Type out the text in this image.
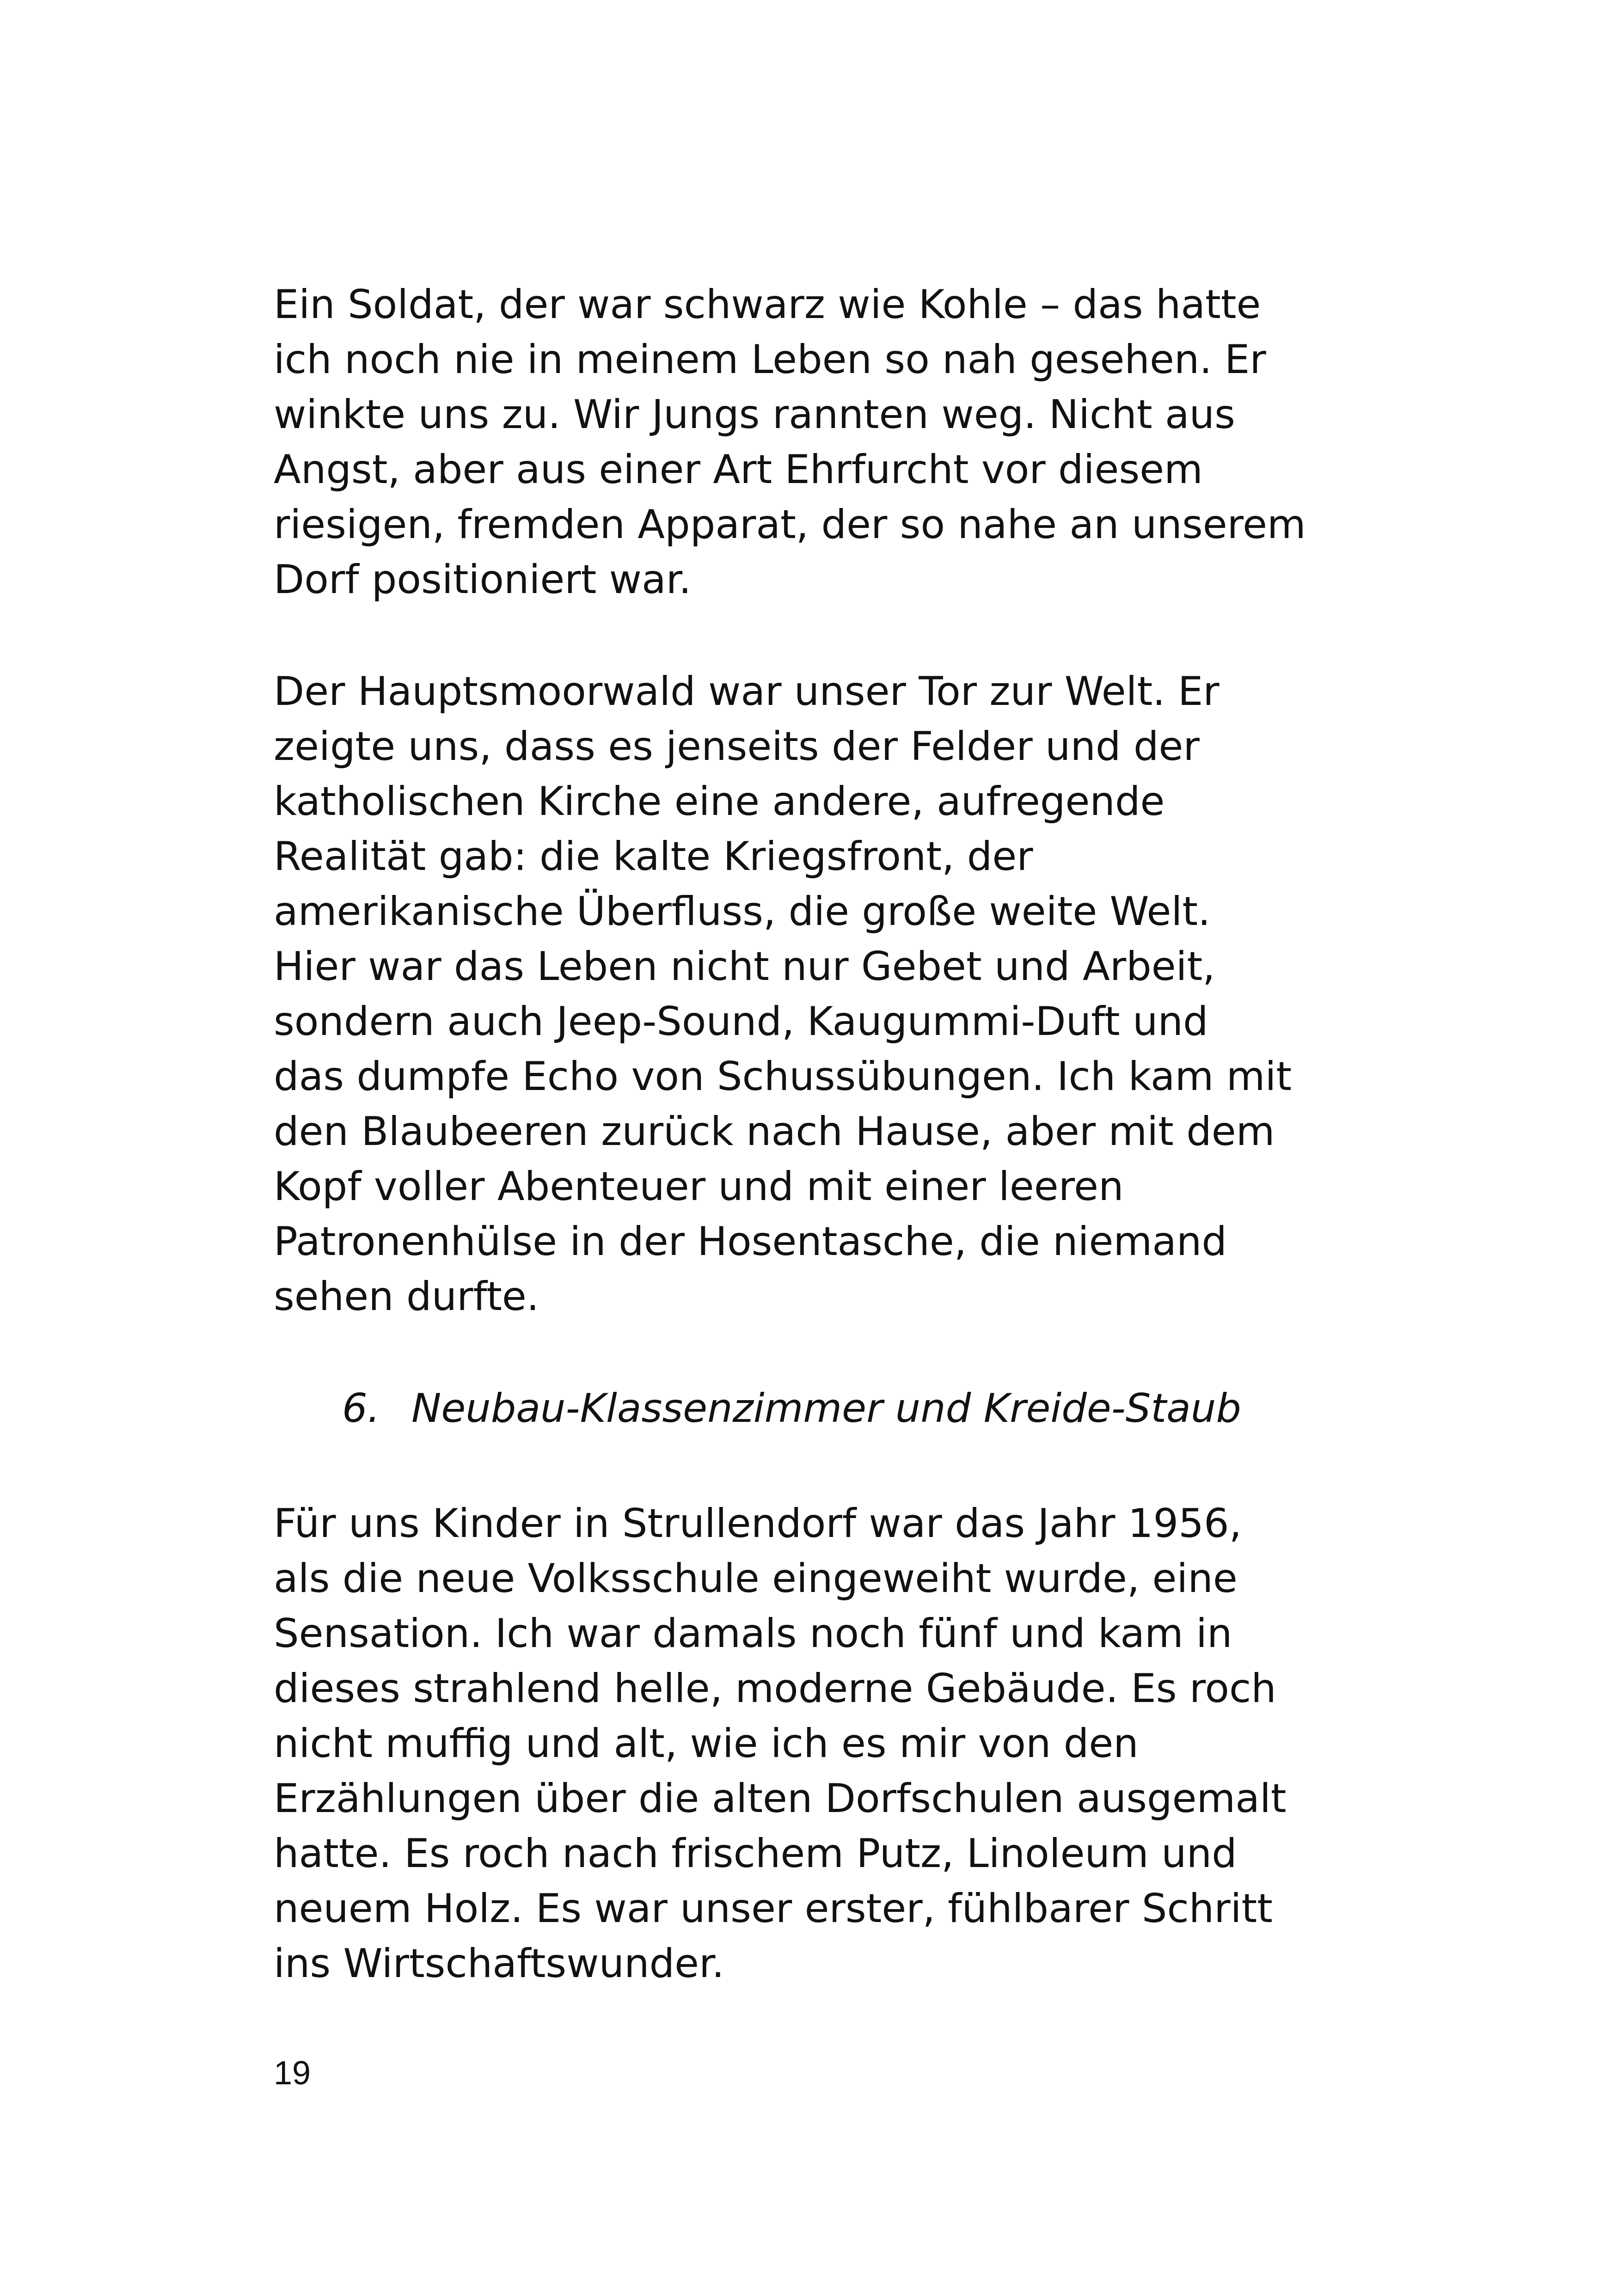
Ein Soldat, der war schwarz wie Kohle – das hatte
ich noch nie in meinem Leben so nah gesehen. Er
winkte uns zu. Wir Jungs rannten weg. Nicht aus
Angst, aber aus einer Art Ehrfurcht vor diesem
riesigen, fremden Apparat, der so nahe an unserem
Dorf positioniert war.
Der Hauptsmoorwald war unser Tor zur Welt. Er
zeigte uns, dass es jenseits der Felder und der
katholischen Kirche eine andere, aufregende
Realität gab: die kalte Kriegsfront, der
amerikanische Überfluss, die große weite Welt.
Hier war das Leben nicht nur Gebet und Arbeit,
sondern auch Jeep-Sound, Kaugummi-Duft und
das dumpfe Echo von Schussübungen. Ich kam mit
den Blaubeeren zurück nach Hause, aber mit dem
Kopf voller Abenteuer und mit einer leeren
Patronenhülse in der Hosentasche, die niemand
sehen durfte.
6. Neubau-Klassenzimmer und Kreide-Staub
Für uns Kinder in Strullendorf war das Jahr 1956,
als die neue Volksschule eingeweiht wurde, eine
Sensation. Ich war damals noch fünf und kam in
dieses strahlend helle, moderne Gebäude. Es roch
nicht muffig und alt, wie ich es mir von den
Erzählungen über die alten Dorfschulen ausgemalt
hatte. Es roch nach frischem Putz, Linoleum und
neuem Holz. Es war unser erster, fühlbarer Schritt
ins Wirtschaftswunder.
19
